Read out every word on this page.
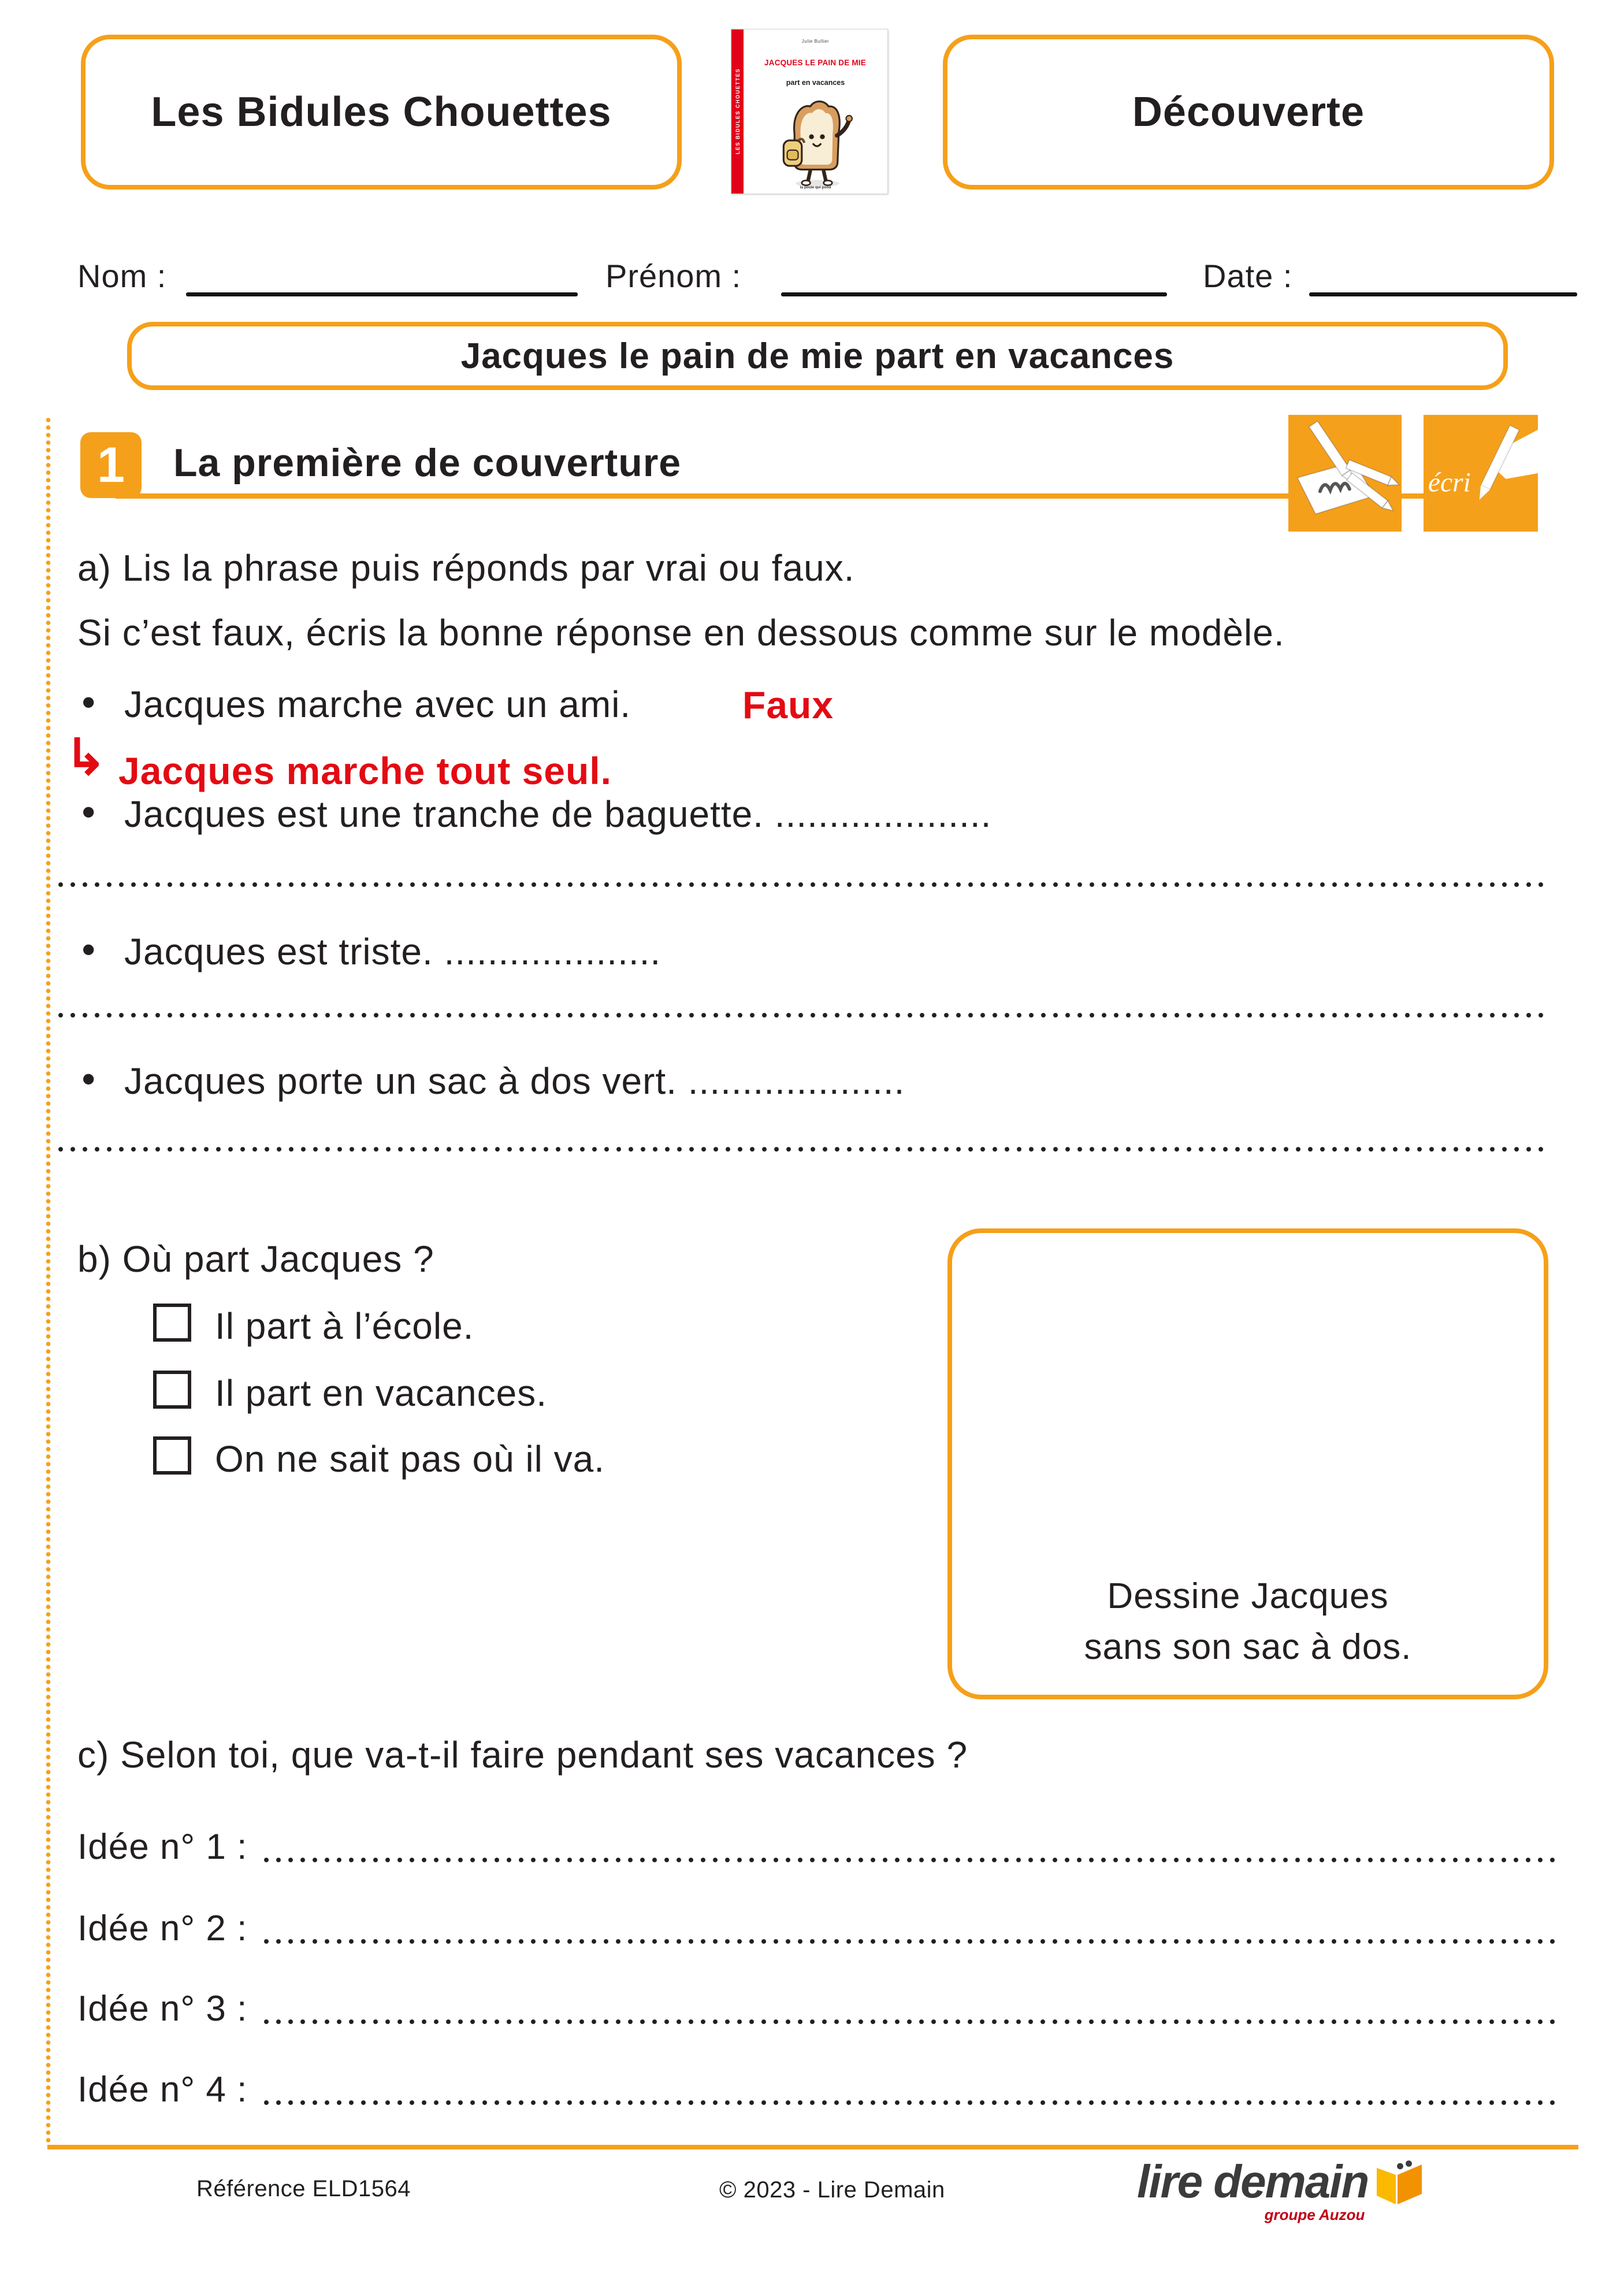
Les Bidules Chouettes	LES BIDULES CHOUETTES
Julie Bullier
JACQUES LE PAIN DE MIE
part en vacances
la poule qui pond
Découverte
Nom :	Prénom :	Date :
Jacques le pain de mie part en vacances
1 La première de couverture	écri
a) Lis la phrase puis réponds par vrai ou faux.
Si c’est faux, écris la bonne réponse en dessous comme sur le modèle.
• Jacques marche avec un ami.	Faux
↳ Jacques marche tout seul.
• Jacques est une tranche de baguette. ....................
• Jacques est triste. ....................
• Jacques porte un sac à dos vert. ....................
b) Où part Jacques ?
Il part à l’école.
Il part en vacances.
On ne sait pas où il va.
Dessine Jacques
sans son sac à dos.
c) Selon toi, que va-t-il faire pendant ses vacances ?
Idée n° 1 :
Idée n° 2 :
Idée n° 3 :
Idée n° 4 :
Référence ELD1564	© 2023 - Lire Demain	lire demain
groupe Auzou
